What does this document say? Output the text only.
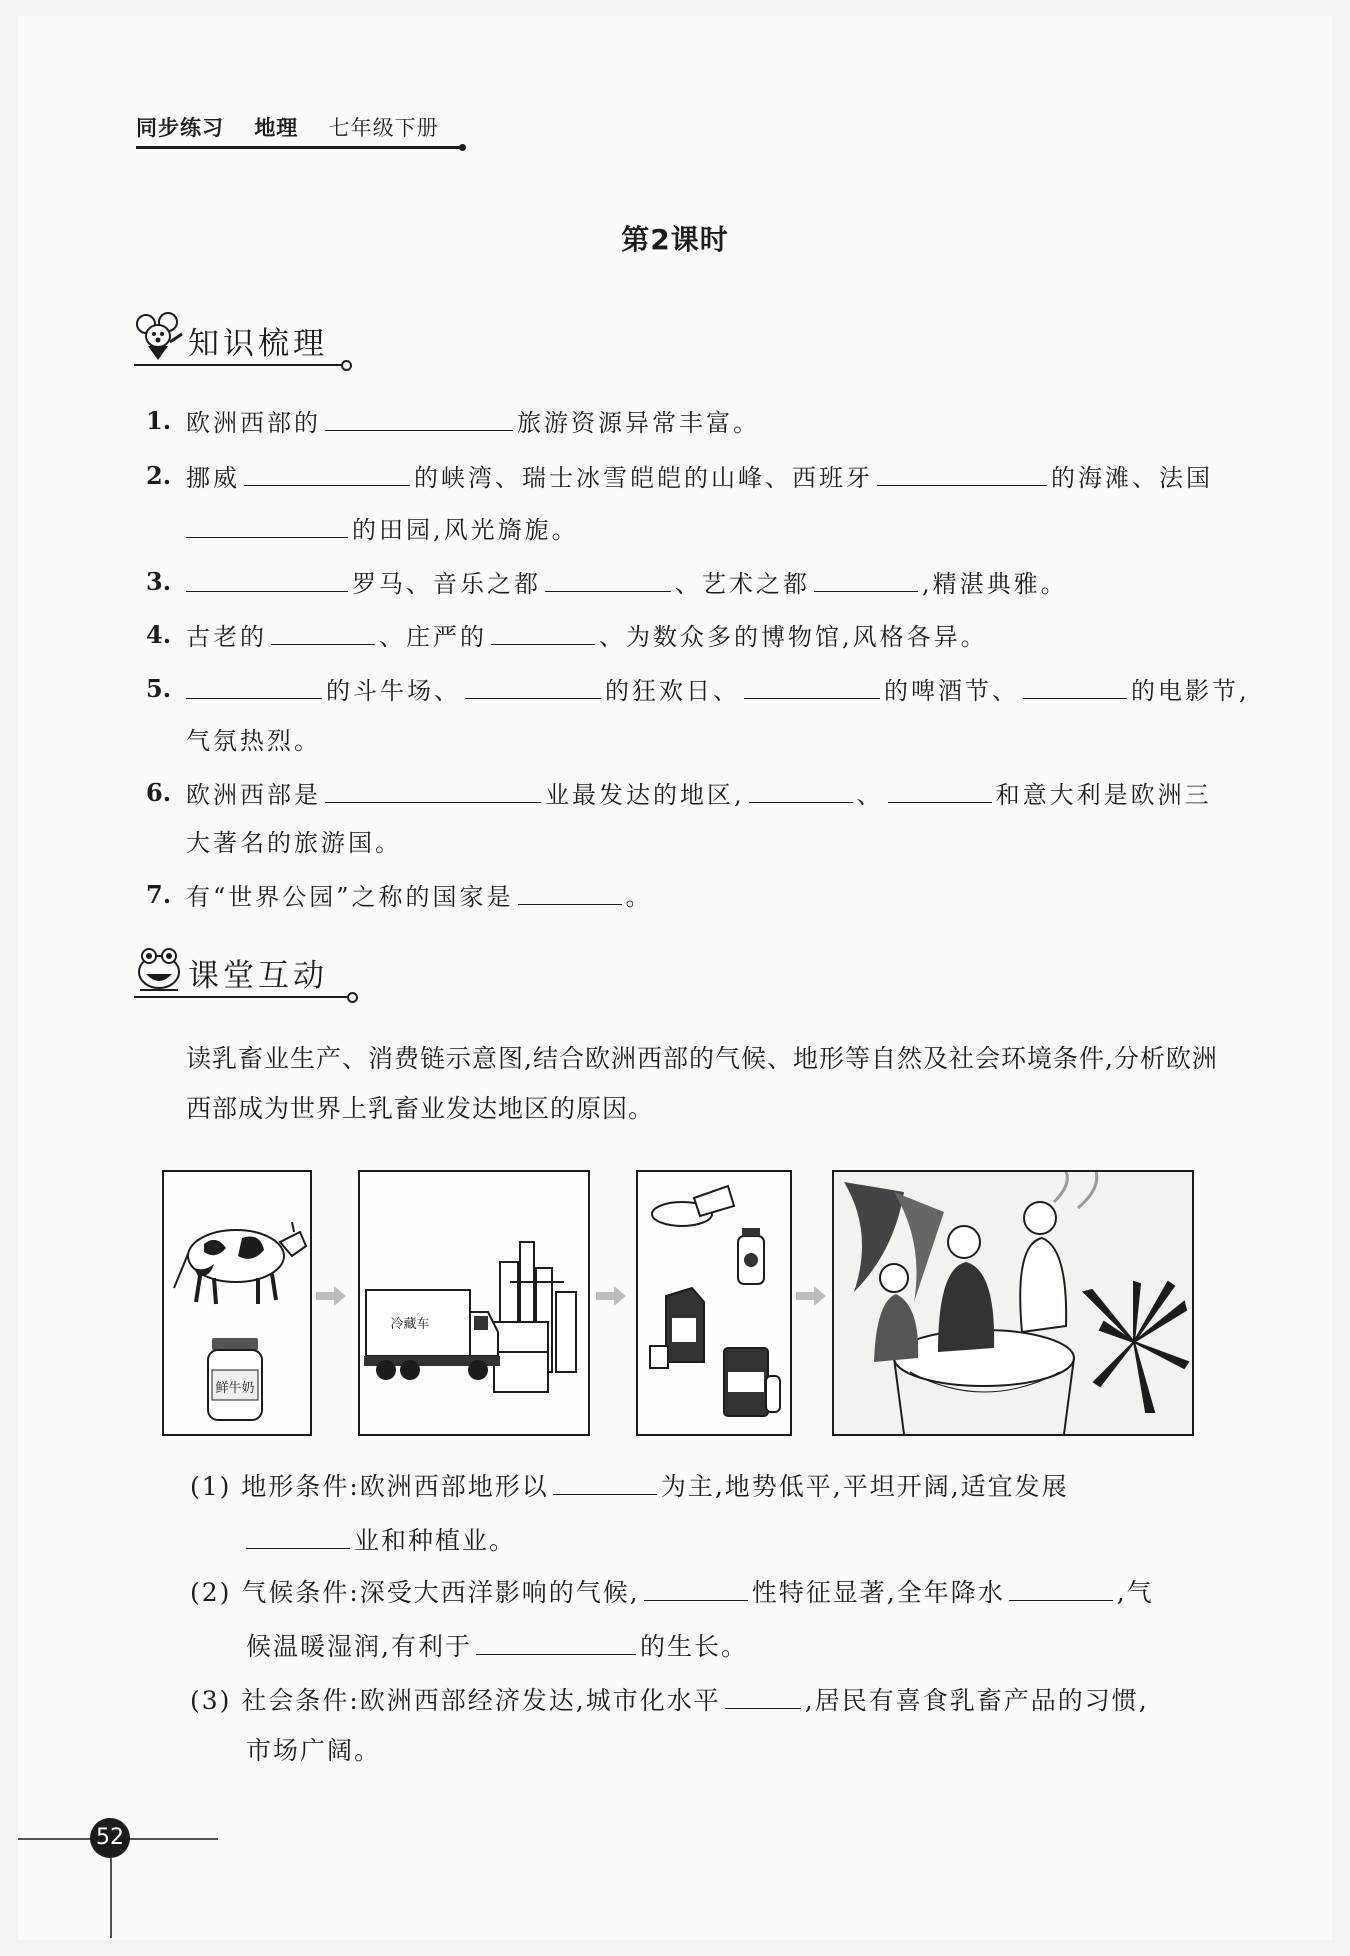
同步练习 地理 七年级下册
第2课时
知识梳理
1. 欧洲西部的	旅游资源异常丰富。
2. 挪威	的峡湾、瑞士冰雪皑皑的山峰、西班牙	的海滩、法国
的田园,风光旖旎。
3.	罗马、音乐之都	、艺术之都	,精湛典雅。
4. 古老的	、庄严的	、为数众多的博物馆,风格各异。
5.	的斗牛场、	的狂欢日、	的啤酒节、	的电影节,
气氛热烈。
6. 欧洲西部是	业最发达的地区,	、	和意大利是欧洲三
大著名的旅游国。
7. 有“世界公园”之称的国家是	。
课堂互动
读乳畜业生产、消费链示意图,结合欧洲西部的气候、地形等自然及社会环境条件,分析欧洲西部成为世界上乳畜业发达地区的原因。
鲜牛奶
冷藏车
(1) 地形条件:欧洲西部地形以	为主,地势低平,平坦开阔,适宜发展
业和种植业。
(2) 气候条件:深受大西洋影响的气候,	性特征显著,全年降水	,气
候温暖湿润,有利于	的生长。
(3) 社会条件:欧洲西部经济发达,城市化水平	,居民有喜食乳畜产品的习惯,
市场广阔。
52
